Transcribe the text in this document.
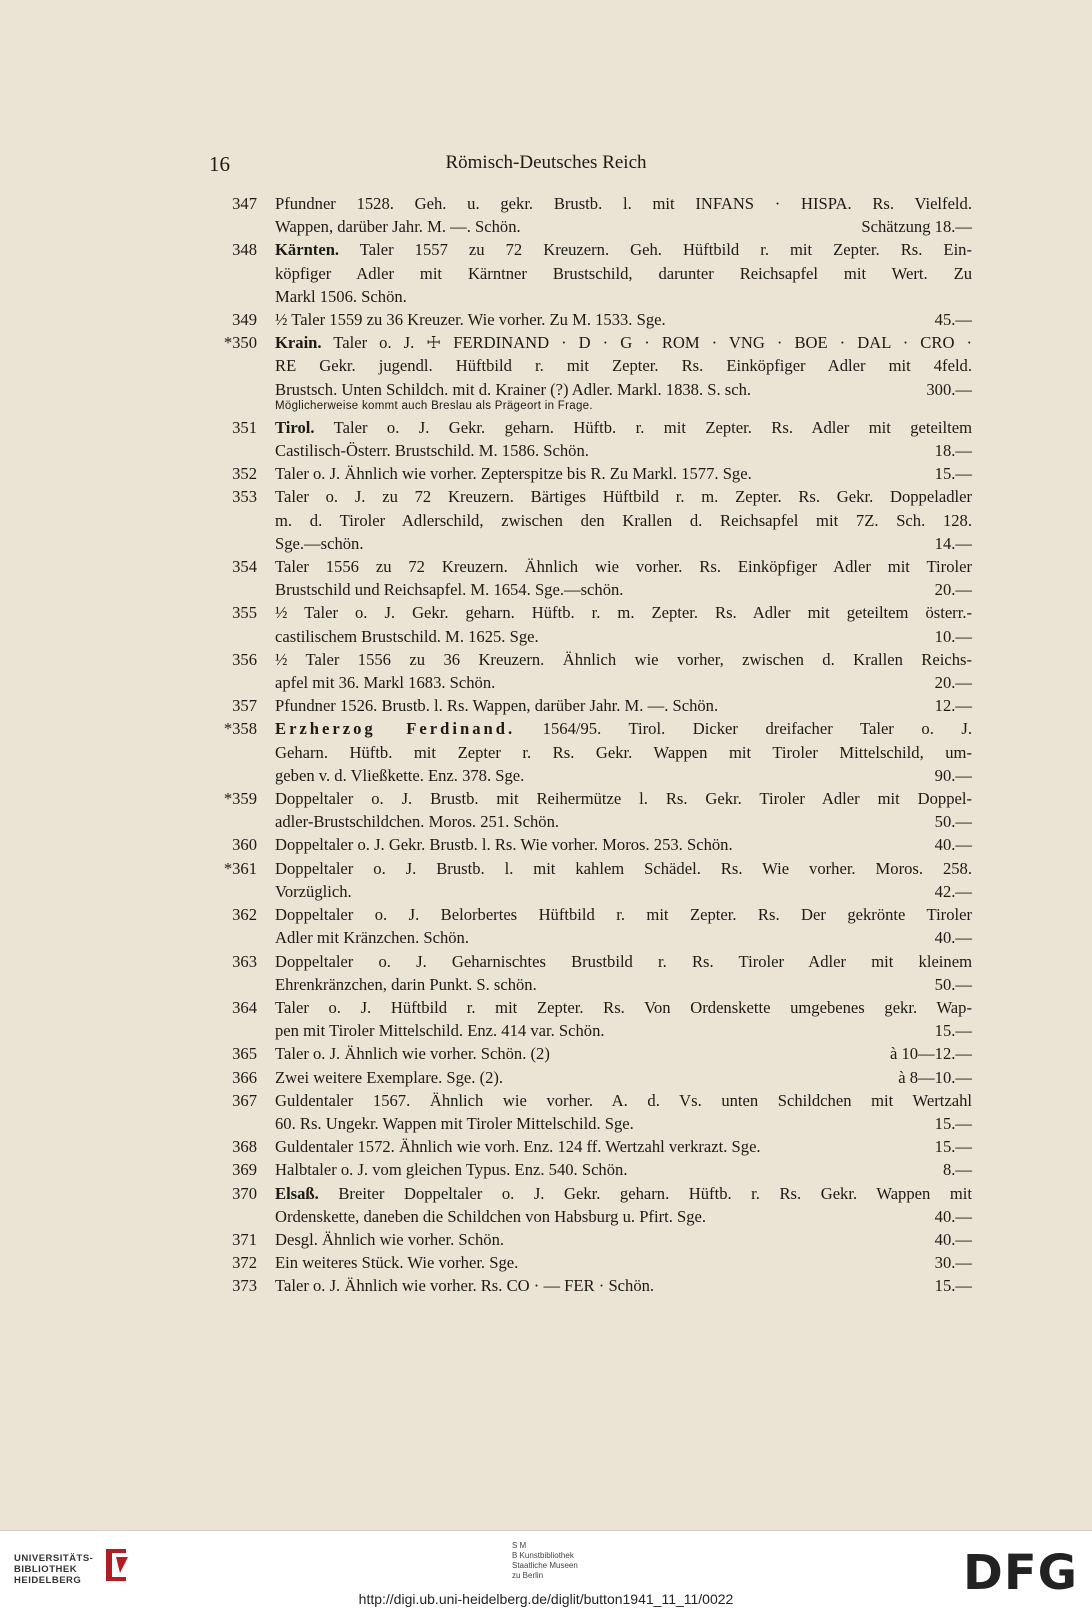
16	Römisch-Deutsches Reich
347 Pfundner 1528. Geh. u. gekr. Brustb. l. mit INFANS · HISPA. Rs. Vielfeld.
Wappen, darüber Jahr. M. —. Schön.	Schätzung 18.—
348 Kärnten. Taler 1557 zu 72 Kreuzern. Geh. Hüftbild r. mit Zepter. Rs. Ein-
köpfiger Adler mit Kärntner Brustschild, darunter Reichsapfel mit Wert. Zu
Markl 1506. Schön.
349 ½ Taler 1559 zu 36 Kreuzer. Wie vorher. Zu M. 1533. Sge.	45.—
*350 Krain. Taler o. J. ☩ FERDINAND · D · G · ROM · VNG · BOE · DAL · CRO ·
RE Gekr. jugendl. Hüftbild r. mit Zepter. Rs. Einköpfiger Adler mit 4feld.
Brustsch. Unten Schildch. mit d. Krainer (?) Adler. Markl. 1838. S. sch.	300.—
Möglicherweise kommt auch Breslau als Prägeort in Frage.
351 Tirol. Taler o. J. Gekr. geharn. Hüftb. r. mit Zepter. Rs. Adler mit geteiltem
Castilisch-Österr. Brustschild. M. 1586. Schön.	18.—
352 Taler o. J. Ähnlich wie vorher. Zepterspitze bis R. Zu Markl. 1577. Sge.	15.—
353 Taler o. J. zu 72 Kreuzern. Bärtiges Hüftbild r. m. Zepter. Rs. Gekr. Doppeladler
m. d. Tiroler Adlerschild, zwischen den Krallen d. Reichsapfel mit 7Z. Sch. 128.
Sge.—schön.	14.—
354 Taler 1556 zu 72 Kreuzern. Ähnlich wie vorher. Rs. Einköpfiger Adler mit Tiroler
Brustschild und Reichsapfel. M. 1654. Sge.—schön.	20.—
355 ½ Taler o. J. Gekr. geharn. Hüftb. r. m. Zepter. Rs. Adler mit geteiltem österr.-
castilischem Brustschild. M. 1625. Sge.	10.—
356 ½ Taler 1556 zu 36 Kreuzern. Ähnlich wie vorher, zwischen d. Krallen Reichs-
apfel mit 36. Markl 1683. Schön.	20.—
357 Pfundner 1526. Brustb. l. Rs. Wappen, darüber Jahr. M. —. Schön.	12.—
*358 Erzherzog Ferdinand. 1564/95. Tirol. Dicker dreifacher Taler o. J.
Geharn. Hüftb. mit Zepter r. Rs. Gekr. Wappen mit Tiroler Mittelschild, um-
geben v. d. Vließkette. Enz. 378. Sge.	90.—
*359 Doppeltaler o. J. Brustb. mit Reihermütze l. Rs. Gekr. Tiroler Adler mit Doppel-
adler-Brustschildchen. Moros. 251. Schön.	50.—
360 Doppeltaler o. J. Gekr. Brustb. l. Rs. Wie vorher. Moros. 253. Schön.	40.—
*361 Doppeltaler o. J. Brustb. l. mit kahlem Schädel. Rs. Wie vorher. Moros. 258.
Vorzüglich.	42.—
362 Doppeltaler o. J. Belorbertes Hüftbild r. mit Zepter. Rs. Der gekrönte Tiroler
Adler mit Kränzchen. Schön.	40.—
363 Doppeltaler o. J. Geharnischtes Brustbild r. Rs. Tiroler Adler mit kleinem
Ehrenkränzchen, darin Punkt. S. schön.	50.—
364 Taler o. J. Hüftbild r. mit Zepter. Rs. Von Ordenskette umgebenes gekr. Wap-
pen mit Tiroler Mittelschild. Enz. 414 var. Schön.	15.—
365 Taler o. J. Ähnlich wie vorher. Schön. (2)	à 10—12.—
366 Zwei weitere Exemplare. Sge. (2).	à 8—10.—
367 Guldentaler 1567. Ähnlich wie vorher. A. d. Vs. unten Schildchen mit Wertzahl
60. Rs. Ungekr. Wappen mit Tiroler Mittelschild. Sge.	15.—
368 Guldentaler 1572. Ähnlich wie vorh. Enz. 124 ff. Wertzahl verkrazt. Sge.	15.—
369 Halbtaler o. J. vom gleichen Typus. Enz. 540. Schön.	8.—
370 Elsaß. Breiter Doppeltaler o. J. Gekr. geharn. Hüftb. r. Rs. Gekr. Wappen mit
Ordenskette, daneben die Schildchen von Habsburg u. Pfirt. Sge.	40.—
371 Desgl. Ähnlich wie vorher. Schön.	40.—
372 Ein weiteres Stück. Wie vorher. Sge.	30.—
373 Taler o. J. Ähnlich wie vorher. Rs. CO · — FER · Schön.	15.—
UNIVERSITÄTS-
BIBLIOTHEK
HEIDELBERG
S M
B Kunstbibliothek
Staatliche Museen
zu Berlin	DFG
http://digi.ub.uni-heidelberg.de/diglit/button1941_11_11/0022
